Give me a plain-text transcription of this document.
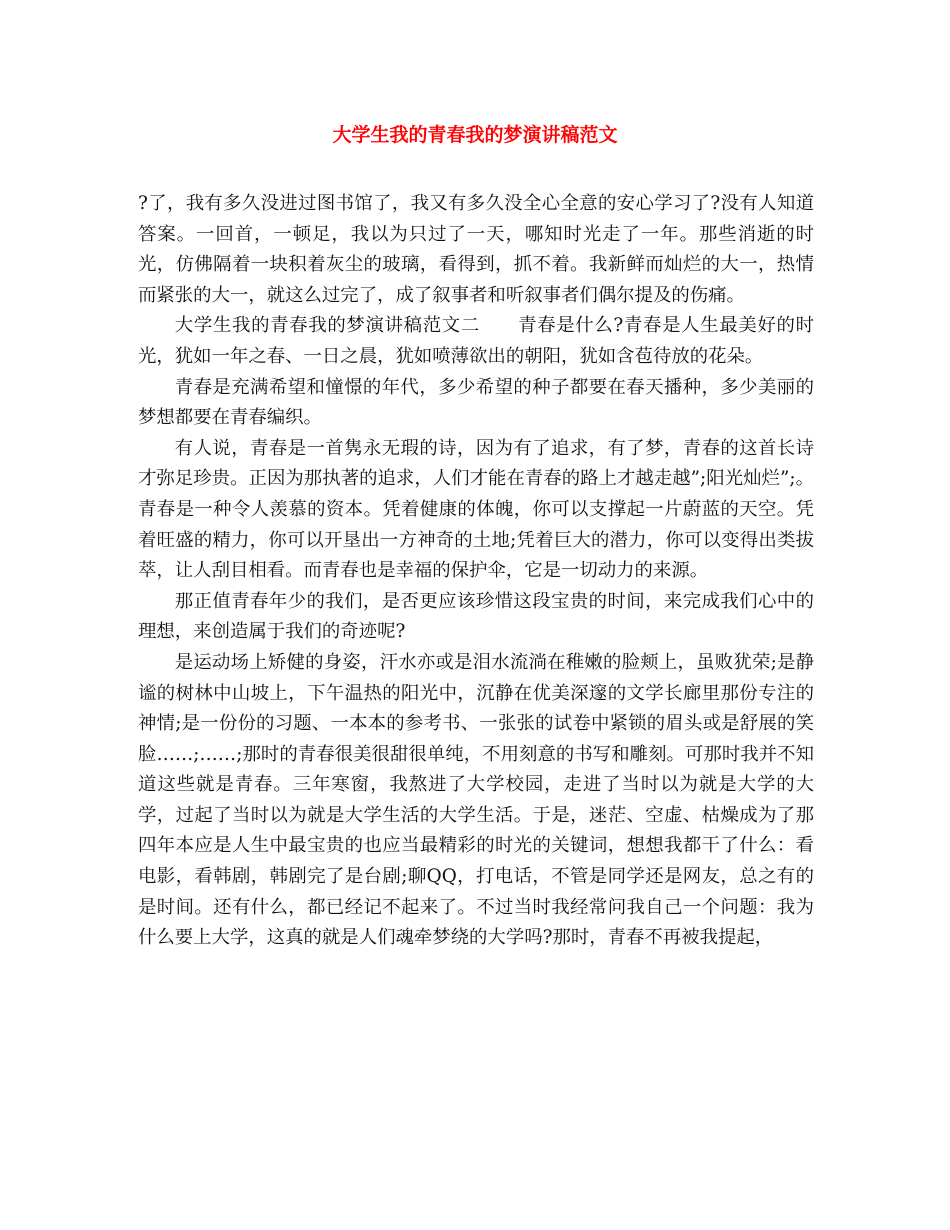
大学生我的青春我的梦演讲稿范文

?了，我有多久没进过图书馆了，我又有多久没全心全意的安心学习了?没有人知道答案。一回首，一顿足，我以为只过了一天，哪知时光走了一年。那些消逝的时光，仿佛隔着一块积着灰尘的玻璃，看得到，抓不着。我新鲜而灿烂的大一，热情而紧张的大一，就这么过完了，成了叙事者和听叙事者们偶尔提及的伤痛。

大学生我的青春我的梦演讲稿范文二　　青春是什么?青春是人生最美好的时光，犹如一年之春、一日之晨，犹如喷薄欲出的朝阳，犹如含苞待放的花朵。

青春是充满希望和憧憬的年代，多少希望的种子都要在春天播种，多少美丽的梦想都要在青春编织。

有人说，青春是一首隽永无瑕的诗，因为有了追求，有了梦，青春的这首长诗才弥足珍贵。正因为那执著的追求，人们才能在青春的路上才越走越”;阳光灿烂”;。青春是一种令人羡慕的资本。凭着健康的体魄，你可以支撑起一片蔚蓝的天空。凭着旺盛的精力，你可以开垦出一方神奇的土地;凭着巨大的潜力，你可以变得出类拔萃，让人刮目相看。而青春也是幸福的保护伞，它是一切动力的来源。

那正值青春年少的我们，是否更应该珍惜这段宝贵的时间，来完成我们心中的理想，来创造属于我们的奇迹呢?

是运动场上矫健的身姿，汗水亦或是泪水流淌在稚嫩的脸颊上，虽败犹荣;是静谧的树林中山坡上，下午温热的阳光中，沉静在优美深邃的文学长廊里那份专注的神情;是一份份的习题、一本本的参考书、一张张的试卷中紧锁的眉头或是舒展的笑脸……;……;那时的青春很美很甜很单纯，不用刻意的书写和雕刻。可那时我并不知道这些就是青春。三年寒窗，我熬进了大学校园，走进了当时以为就是大学的大学，过起了当时以为就是大学生活的大学生活。于是，迷茫、空虚、枯燥成为了那四年本应是人生中最宝贵的也应当最精彩的时光的关键词，想想我都干了什么：看电影，看韩剧，韩剧完了是台剧;聊QQ，打电话，不管是同学还是网友，总之有的是时间。还有什么，都已经记不起来了。不过当时我经常问我自己一个问题：我为什么要上大学，这真的就是人们魂牵梦绕的大学吗?那时，青春不再被我提起，
